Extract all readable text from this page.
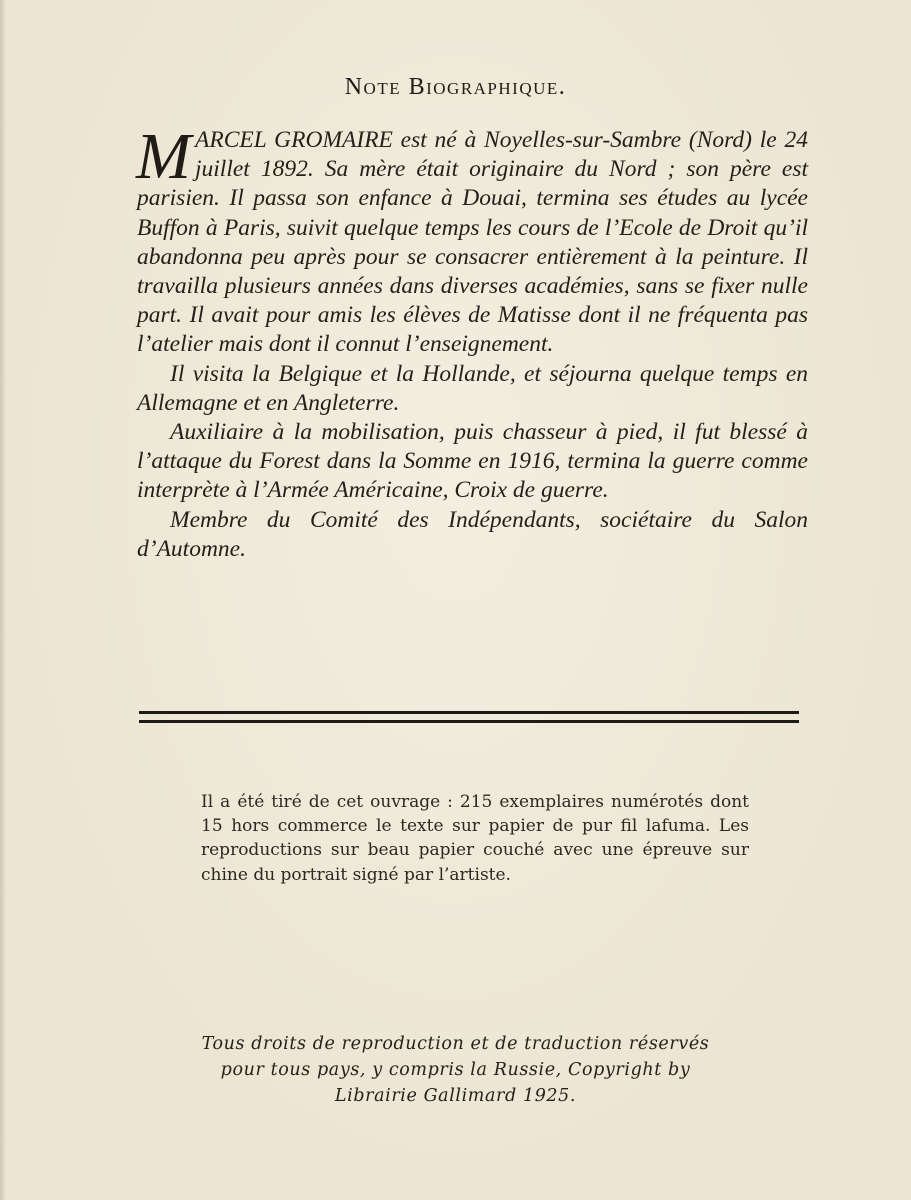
Note Biographique.

MARCEL GROMAIRE est né à Noyelles-sur-Sambre (Nord) le 24 juillet 1892. Sa mère était originaire du Nord ; son père est parisien. Il passa son enfance à Douai, termina ses études au lycée Buffon à Paris, suivit quelque temps les cours de l’Ecole de Droit qu’il abandonna peu après pour se consacrer entièrement à la peinture. Il travailla plusieurs années dans diverses académies, sans se fixer nulle part. Il avait pour amis les élèves de Matisse dont il ne fréquenta pas l’atelier mais dont il connut l’enseignement.

Il visita la Belgique et la Hollande, et séjourna quelque temps en Allemagne et en Angleterre.

Auxiliaire à la mobilisation, puis chasseur à pied, il fut blessé à l’attaque du Forest dans la Somme en 1916, termina la guerre comme interprète à l’Armée Américaine, Croix de guerre.

Membre du Comité des Indépendants, sociétaire du Salon d’Automne.

Il a été tiré de cet ouvrage : 215 exemplaires numérotés dont 15 hors commerce le texte sur papier de pur fil lafuma. Les reproductions sur beau papier couché avec une épreuve sur chine du portrait signé par l’artiste.
Tous droits de reproduction et de traduction réservés
pour tous pays, y compris la Russie, Copyright by
Librairie Gallimard 1925.
